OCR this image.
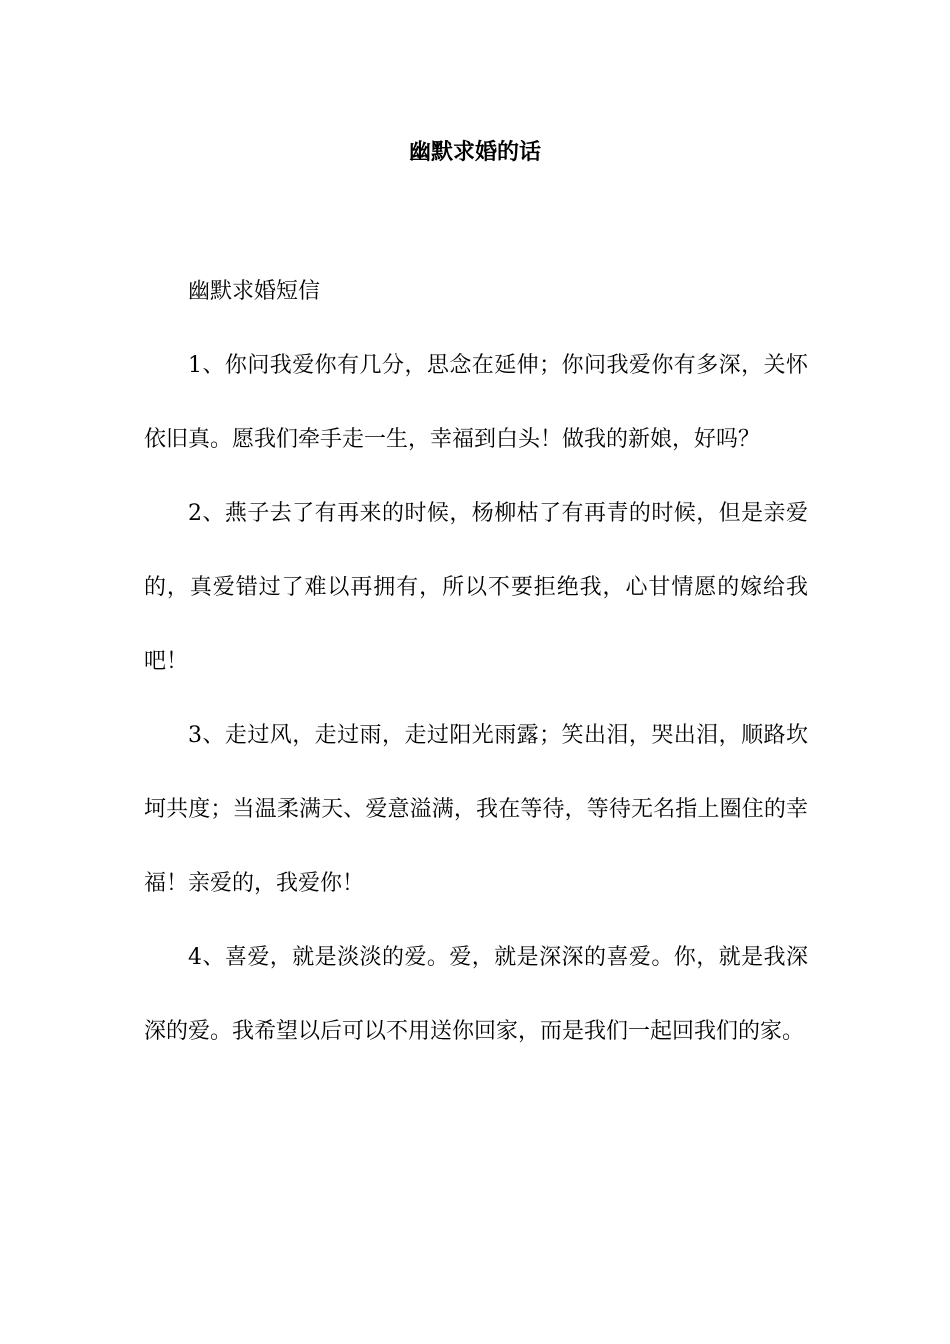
幽默求婚的话

幽默求婚短信

1、你问我爱你有几分，思念在延伸；你问我爱你有多深，关怀依旧真。愿我们牵手走一生，幸福到白头！做我的新娘，好吗？

2、燕子去了有再来的时候，杨柳枯了有再青的时候，但是亲爱的，真爱错过了难以再拥有，所以不要拒绝我，心甘情愿的嫁给我吧！

3、走过风，走过雨，走过阳光雨露；笑出泪，哭出泪，顺路坎坷共度；当温柔满天、爱意溢满，我在等待，等待无名指上圈住的幸福！亲爱的，我爱你！

4、喜爱，就是淡淡的爱。爱，就是深深的喜爱。你，就是我深深的爱。我希望以后可以不用送你回家，而是我们一起回我们的家。
